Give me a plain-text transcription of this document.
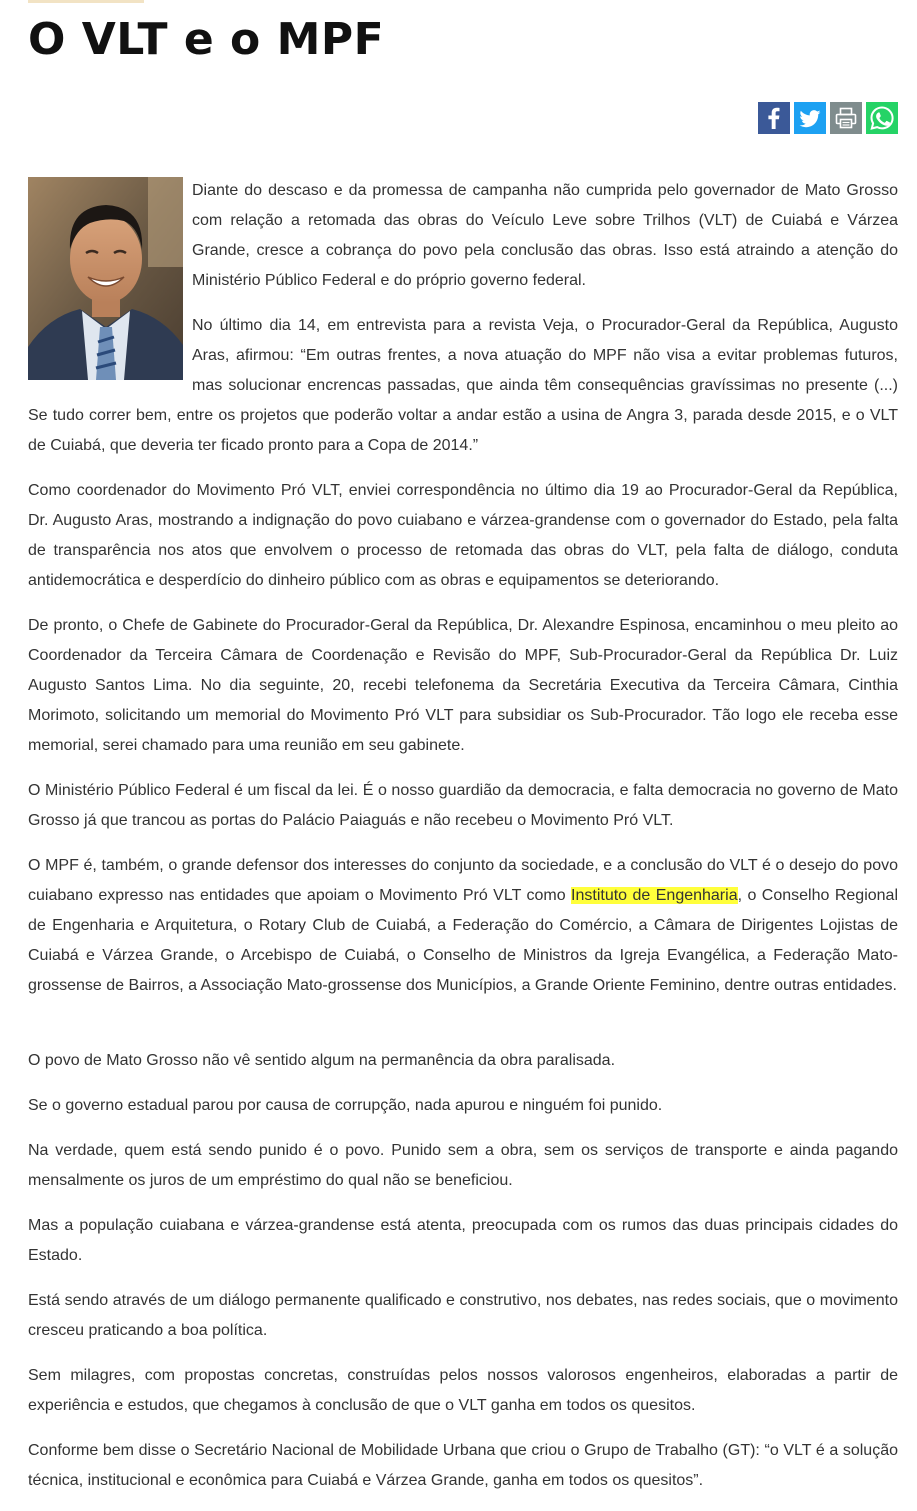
O VLT e o MPF

Diante do descaso e da promessa de campanha não cumprida pelo governador de Mato Grosso com relação a retomada das obras do Veículo Leve sobre Trilhos (VLT) de Cuiabá e Várzea Grande, cresce a cobrança do povo pela conclusão das obras. Isso está atraindo a atenção do Ministério Público Federal e do próprio governo federal.

No último dia 14, em entrevista para a revista Veja, o Procurador-Geral da República, Augusto Aras, afirmou: “Em outras frentes, a nova atuação do MPF não visa a evitar problemas futuros, mas solucionar encrencas passadas, que ainda têm consequências gravíssimas no presente (...) Se tudo correr bem, entre os projetos que poderão voltar a andar estão a usina de Angra 3, parada desde 2015, e o VLT de Cuiabá, que deveria ter ficado pronto para a Copa de 2014.”

Como coordenador do Movimento Pró VLT, enviei correspondência no último dia 19 ao Procurador-Geral da República, Dr. Augusto Aras, mostrando a indignação do povo cuiabano e várzea-grandense com o governador do Estado, pela falta de transparência nos atos que envolvem o processo de retomada das obras do VLT, pela falta de diálogo, conduta antidemocrática e desperdício do dinheiro público com as obras e equipamentos se deteriorando.

De pronto, o Chefe de Gabinete do Procurador-Geral da República, Dr. Alexandre Espinosa, encaminhou o meu pleito ao Coordenador da Terceira Câmara de Coordenação e Revisão do MPF, Sub-Procurador-Geral da República Dr. Luiz Augusto Santos Lima. No dia seguinte, 20, recebi telefonema da Secretária Executiva da Terceira Câmara, Cinthia Morimoto, solicitando um memorial do Movimento Pró VLT para subsidiar os Sub-Procurador. Tão logo ele receba esse memorial, serei chamado para uma reunião em seu gabinete.

O Ministério Público Federal é um fiscal da lei. É o nosso guardião da democracia, e falta democracia no governo de Mato Grosso já que trancou as portas do Palácio Paiaguás e não recebeu o Movimento Pró VLT.

O MPF é, também, o grande defensor dos interesses do conjunto da sociedade, e a conclusão do VLT é o desejo do povo cuiabano expresso nas entidades que apoiam o Movimento Pró VLT como Instituto de Engenharia, o Conselho Regional de Engenharia e Arquitetura, o Rotary Club de Cuiabá, a Federação do Comércio, a Câmara de Dirigentes Lojistas de Cuiabá e Várzea Grande, o Arcebispo de Cuiabá, o Conselho de Ministros da Igreja Evangélica, a Federação Mato-grossense de Bairros, a Associação Mato-grossense dos Municípios, a Grande Oriente Feminino, dentre outras entidades.

O povo de Mato Grosso não vê sentido algum na permanência da obra paralisada.

Se o governo estadual parou por causa de corrupção, nada apurou e ninguém foi punido.

Na verdade, quem está sendo punido é o povo. Punido sem a obra, sem os serviços de transporte e ainda pagando mensalmente os juros de um empréstimo do qual não se beneficiou.

Mas a população cuiabana e várzea-grandense está atenta, preocupada com os rumos das duas principais cidades do Estado.

Está sendo através de um diálogo permanente qualificado e construtivo, nos debates, nas redes sociais, que o movimento cresceu praticando a boa política.

Sem milagres, com propostas concretas, construídas pelos nossos valorosos engenheiros, elaboradas a partir de experiência e estudos, que chegamos à conclusão de que o VLT ganha em todos os quesitos.

Conforme bem disse o Secretário Nacional de Mobilidade Urbana que criou o Grupo de Trabalho (GT): “o VLT é a solução técnica, institucional e econômica para Cuiabá e Várzea Grande, ganha em todos os quesitos”.
